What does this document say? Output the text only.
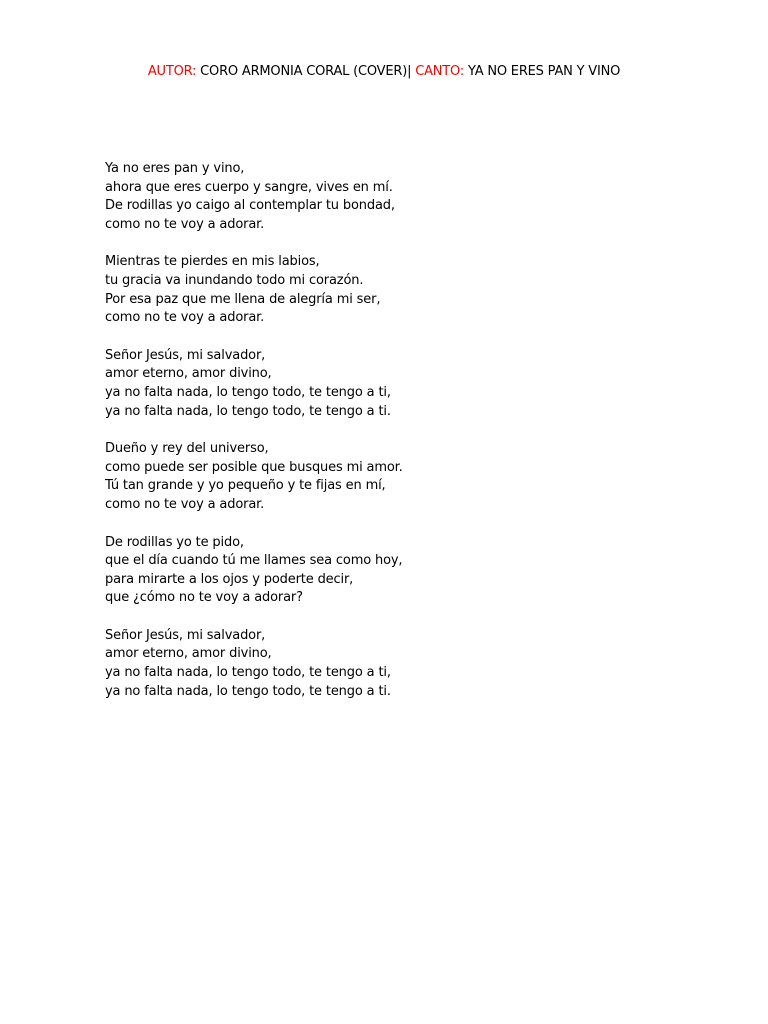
AUTOR: CORO ARMONIA CORAL (COVER)| CANTO: YA NO ERES PAN Y VINO
Ya no eres pan y vino,
ahora que eres cuerpo y sangre, vives en mí.
De rodillas yo caigo al contemplar tu bondad,
como no te voy a adorar.
Mientras te pierdes en mis labios,
tu gracia va inundando todo mi corazón.
Por esa paz que me llena de alegría mi ser,
como no te voy a adorar.
Señor Jesús, mi salvador,
amor eterno, amor divino,
ya no falta nada, lo tengo todo, te tengo a ti,
ya no falta nada, lo tengo todo, te tengo a ti.
Dueño y rey del universo,
como puede ser posible que busques mi amor.
Tú tan grande y yo pequeño y te fijas en mí,
como no te voy a adorar.
De rodillas yo te pido,
que el día cuando tú me llames sea como hoy,
para mirarte a los ojos y poderte decir,
que ¿cómo no te voy a adorar?
Señor Jesús, mi salvador,
amor eterno, amor divino,
ya no falta nada, lo tengo todo, te tengo a ti,
ya no falta nada, lo tengo todo, te tengo a ti.
